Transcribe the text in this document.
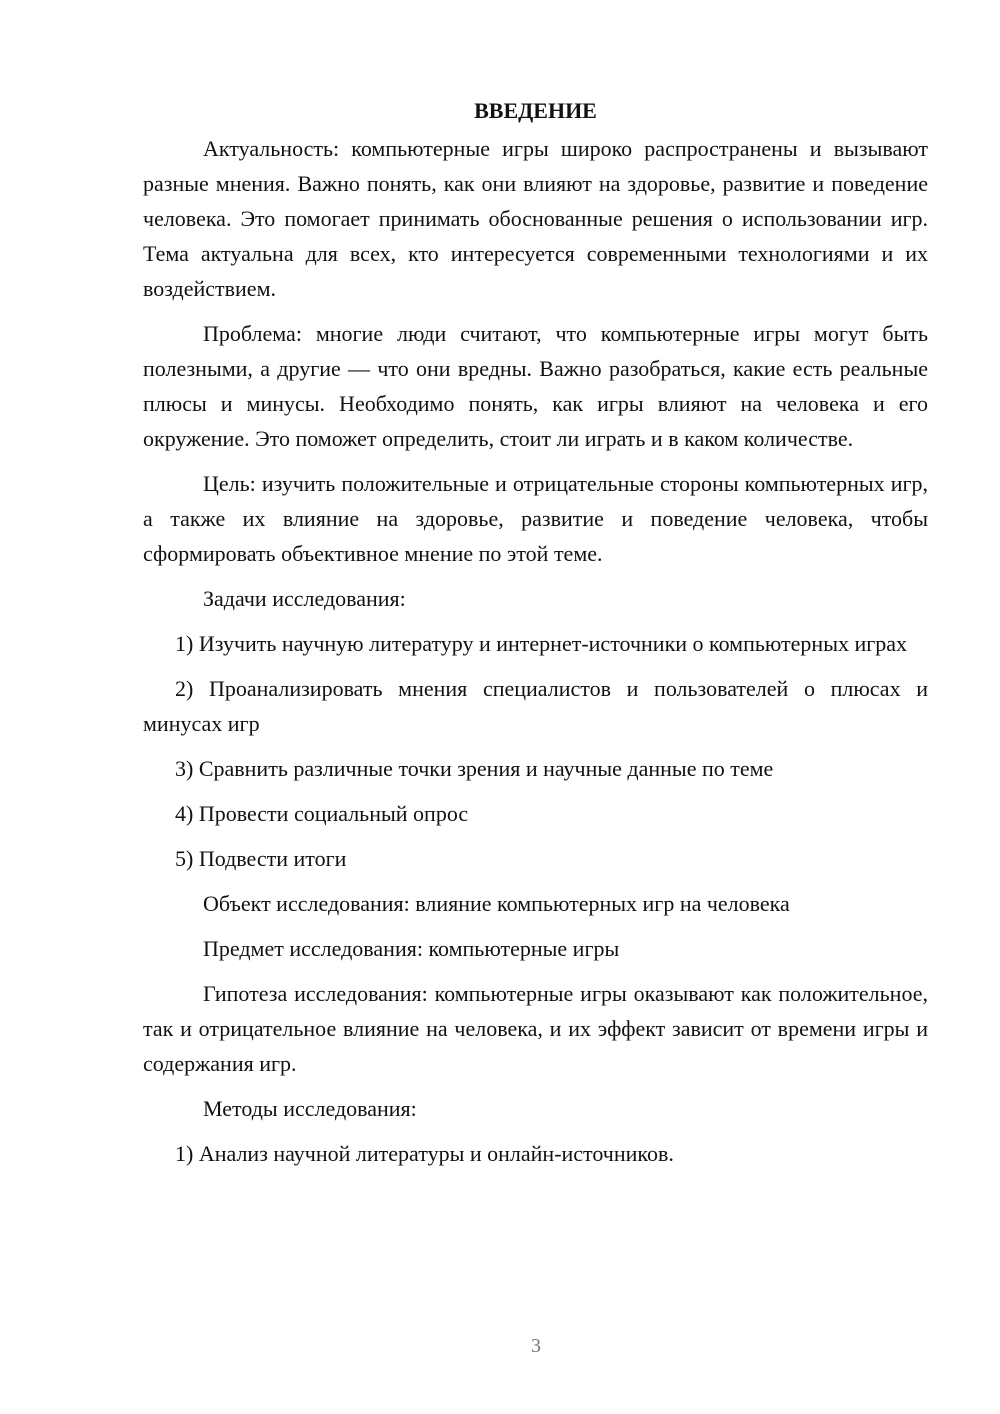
ВВЕДЕНИЕ

Актуальность: компьютерные игры широко распространены и вызывают разные мнения. Важно понять, как они влияют на здоровье, развитие и поведение человека. Это помогает принимать обоснованные решения о использовании игр. Тема актуальна для всех, кто интересуется современными технологиями и их воздействием.

Проблема: многие люди считают, что компьютерные игры могут быть полезными, а другие — что они вредны. Важно разобраться, какие есть реальные плюсы и минусы. Необходимо понять, как игры влияют на человека и его окружение. Это поможет определить, стоит ли играть и в каком количестве.

Цель: изучить положительные и отрицательные стороны компьютерных игр, а также их влияние на здоровье, развитие и поведение человека, чтобы сформировать объективное мнение по этой теме.

Задачи исследования:

1) Изучить научную литературу и интернет-источники о компьютерных играх

2) Проанализировать мнения специалистов и пользователей о плюсах и минусах игр

3) Сравнить различные точки зрения и научные данные по теме

4) Провести социальный опрос

5) Подвести итоги

Объект исследования: влияние компьютерных игр на человека

Предмет исследования: компьютерные игры

Гипотеза исследования: компьютерные игры оказывают как положительное, так и отрицательное влияние на человека, и их эффект зависит от времени игры и содержания игр.

Методы исследования:

1) Анализ научной литературы и онлайн-источников.

3
